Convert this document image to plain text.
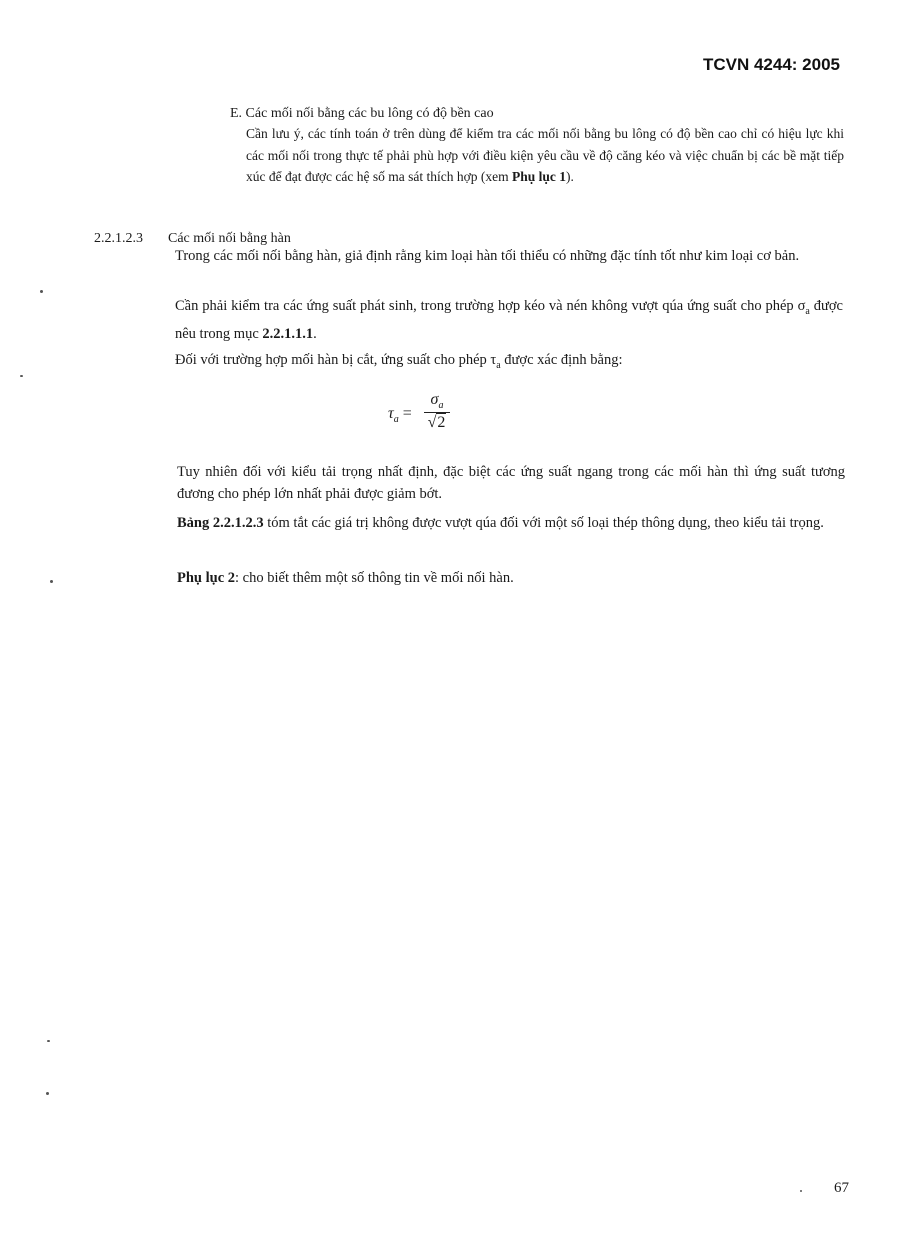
TCVN 4244: 2005
E. Các mối nối bằng các bu lông có độ bền cao

Cần lưu ý, các tính toán ở trên dùng để kiểm tra các mối nối bằng bu lông có độ bền cao chỉ có hiệu lực khi các mối nối trong thực tế phải phù hợp với điều kiện yêu cầu về độ căng kéo và việc chuẩn bị các bề mặt tiếp xúc để đạt được các hệ số ma sát thích hợp (xem Phụ lục 1).

2.2.1.2.3 Các mối nối bằng hàn

Trong các mối nối bằng hàn, giả định rằng kim loại hàn tối thiểu có những đặc tính tốt như kim loại cơ bản.

Cần phải kiểm tra các ứng suất phát sinh, trong trường hợp kéo và nén không vượt qúa ứng suất cho phép $\sigma_a$ được nêu trong mục 2.2.1.1.1.

Đối với trường hợp mối hàn bị cắt, ứng suất cho phép $\tau_a$ được xác định bằng:

$\tau_a = \frac{\sigma_a}{√2}$

Tuy nhiên đối với kiểu tải trọng nhất định, đặc biệt các ứng suất ngang trong các mối hàn thì ứng suất tương đương cho phép lớn nhất phải được giảm bớt.

Bảng 2.2.1.2.3 tóm tắt các giá trị không được vượt qúa đối với một số loại thép thông dụng, theo kiểu tải trọng.

Phụ lục 2: cho biết thêm một số thông tin về mối nối hàn.

67
